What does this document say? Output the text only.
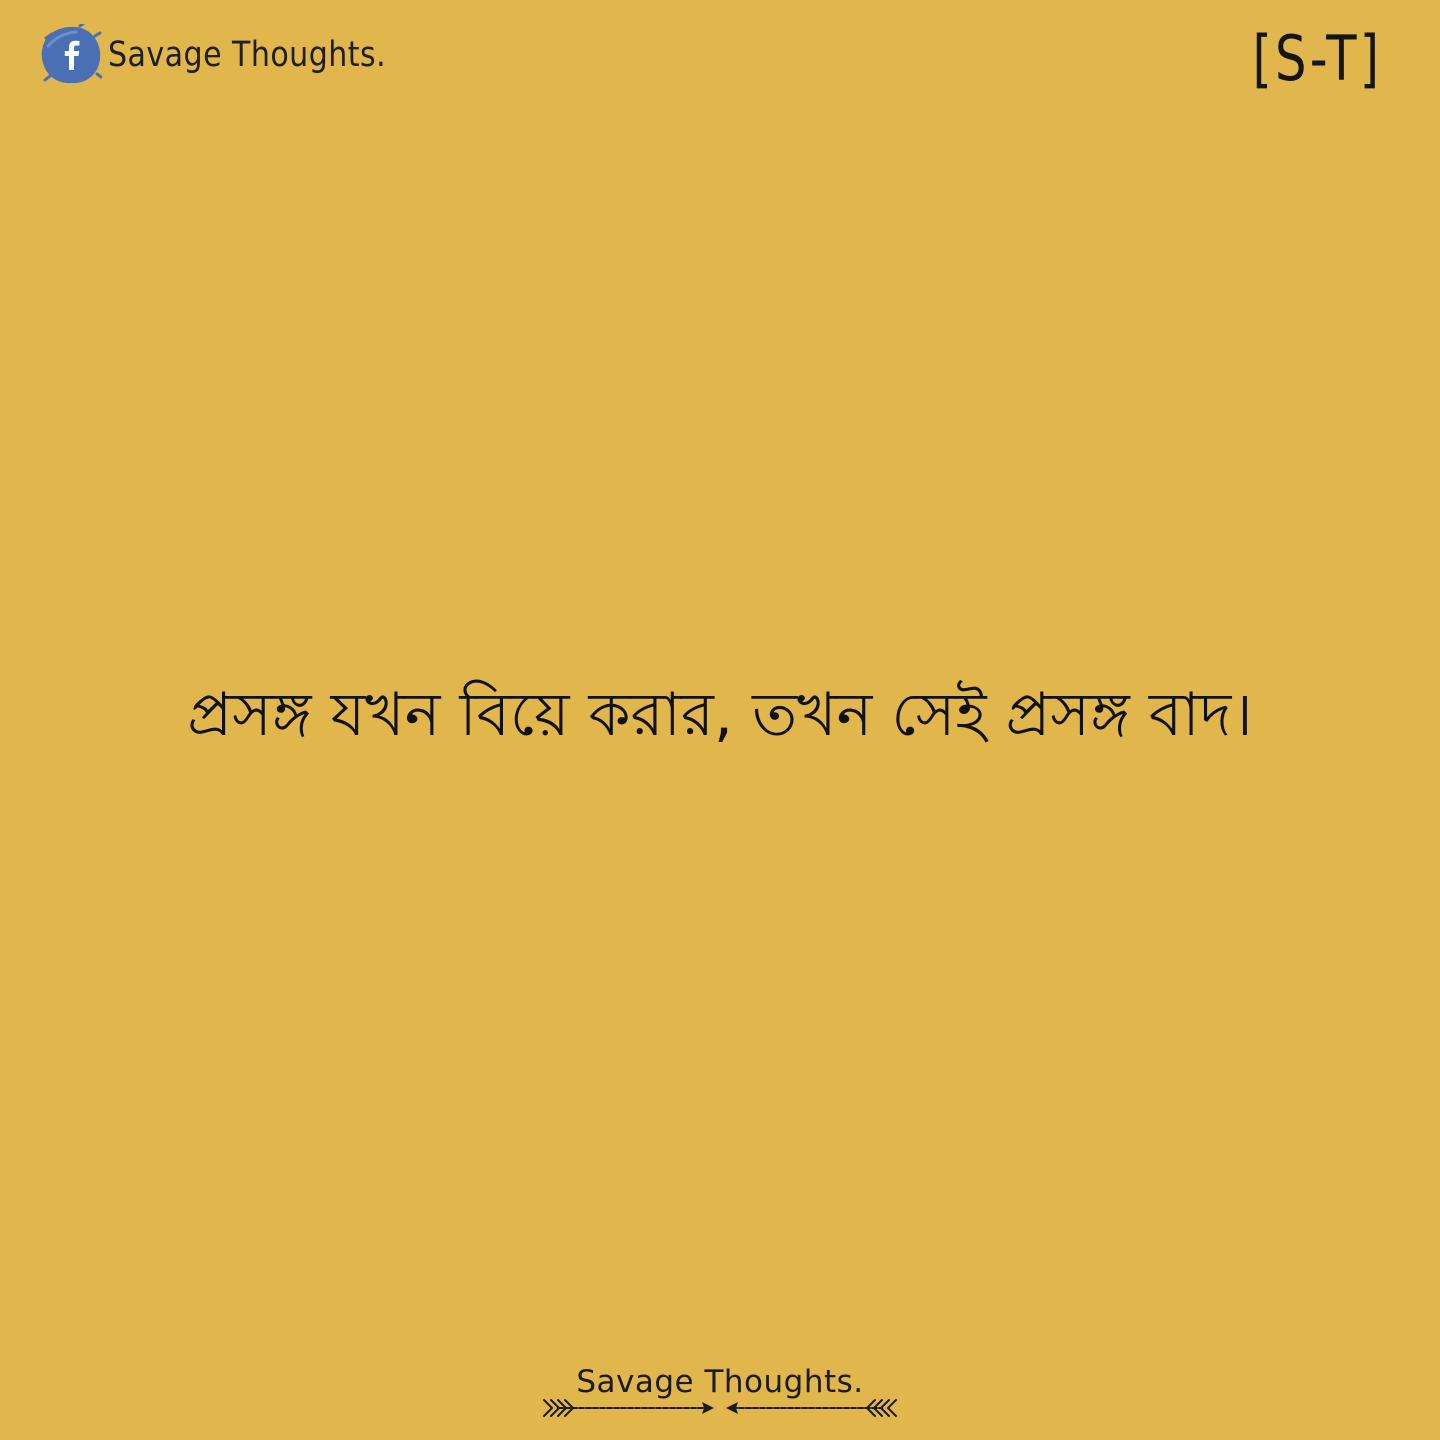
Savage Thoughts.	[S-T]
প্রসঙ্গ যখন বিয়ে করার, তখন সেই প্রসঙ্গ বাদ।
Savage Thoughts.
